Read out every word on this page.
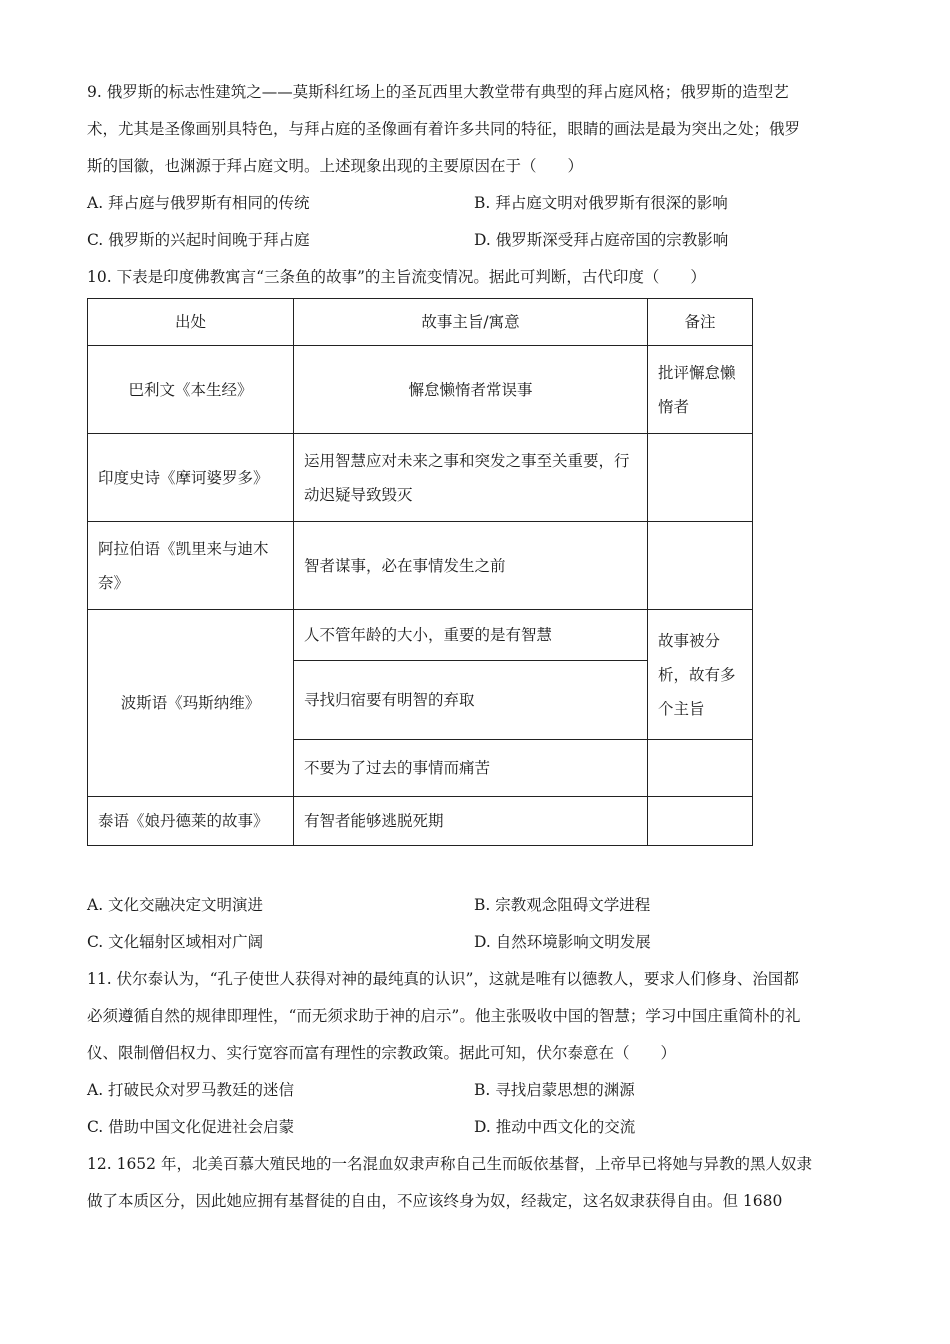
9. 俄罗斯的标志性建筑之——莫斯科红场上的圣瓦西里大教堂带有典型的拜占庭风格；俄罗斯的造型艺
术，尤其是圣像画别具特色，与拜占庭的圣像画有着许多共同的特征，眼睛的画法是最为突出之处；俄罗
斯的国徽，也渊源于拜占庭文明。上述现象出现的主要原因在于（　　）
A. 拜占庭与俄罗斯有相同的传统	B. 拜占庭文明对俄罗斯有很深的影响
C. 俄罗斯的兴起时间晚于拜占庭	D. 俄罗斯深受拜占庭帝国的宗教影响
10. 下表是印度佛教寓言“三条鱼的故事”的主旨流变情况。据此可判断，古代印度（　　）
出处	故事主旨/寓意	备注
巴利文《本生经》	懈怠懒惰者常误事	批评懈怠懒惰者
印度史诗《摩诃婆罗多》	运用智慧应对未来之事和突发之事至关重要，行动迟疑导致毁灭	
阿拉伯语《凯里来与迪木奈》	智者谋事，必在事情发生之前	
波斯语《玛斯纳维》	人不管年龄的大小，重要的是有智慧	故事被分析，故有多个主旨
	寻找归宿要有明智的弃取	
	不要为了过去的事情而痛苦	
泰语《娘丹德莱的故事》	有智者能够逃脱死期	
A. 文化交融决定文明演进	B. 宗教观念阻碍文学进程
C. 文化辐射区域相对广阔	D. 自然环境影响文明发展
11. 伏尔泰认为，“孔子使世人获得对神的最纯真的认识”，这就是唯有以德教人，要求人们修身、治国都
必须遵循自然的规律即理性，“而无须求助于神的启示”。他主张吸收中国的智慧；学习中国庄重简朴的礼
仪、限制僧侣权力、实行宽容而富有理性的宗教政策。据此可知，伏尔泰意在（　　）
A. 打破民众对罗马教廷的迷信	B. 寻找启蒙思想的渊源
C. 借助中国文化促进社会启蒙	D. 推动中西文化的交流
12. 1652 年，北美百慕大殖民地的一名混血奴隶声称自己生而皈依基督，上帝早已将她与异教的黑人奴隶
做了本质区分，因此她应拥有基督徒的自由，不应该终身为奴，经裁定，这名奴隶获得自由。但 1680
